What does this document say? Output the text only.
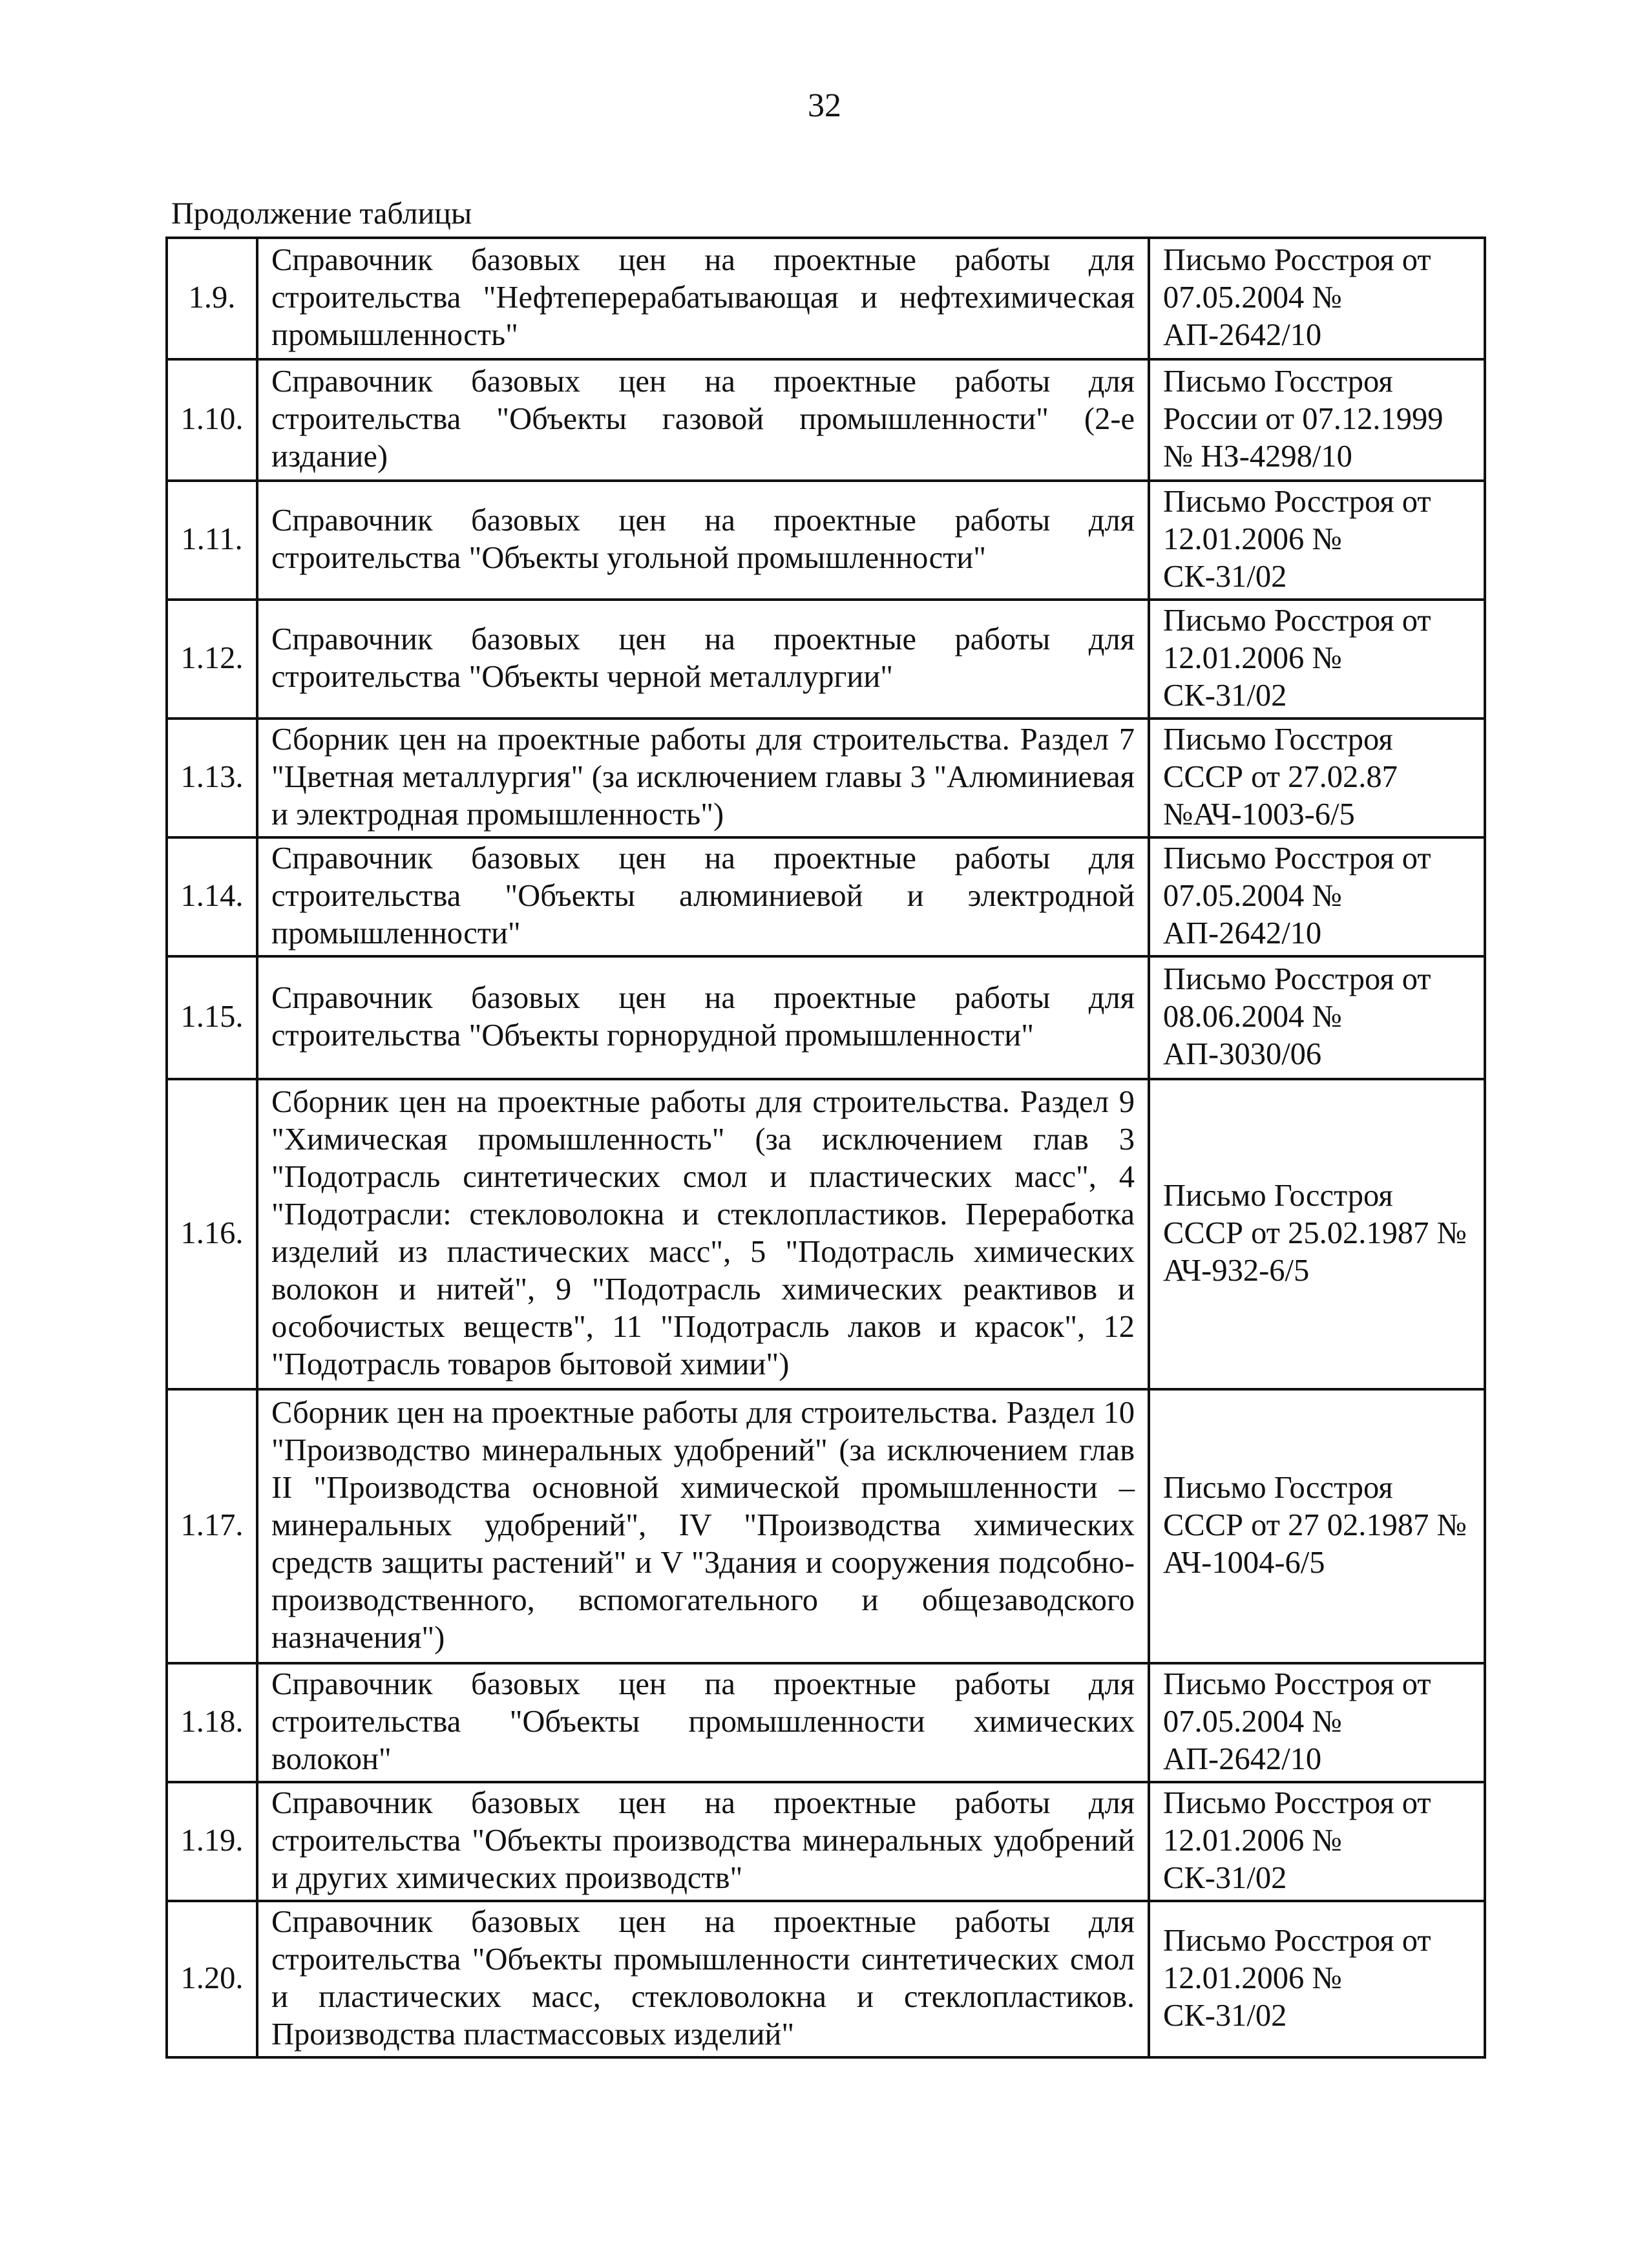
32
Продолжение таблицы
1.9.	Справочник базовых цен на проектные работы для строительства "Нефтеперерабатывающая и нефтехимическая промышленность"	Письмо Росстроя от 07.05.2004 № АП-2642/10
1.10.	Справочник базовых цен на проектные работы для строительства "Объекты газовой промышленности" (2-е издание)	Письмо Госстроя России от 07.12.1999 № НЗ-4298/10
1.11.	Справочник базовых цен на проектные работы для строительства "Объекты угольной промышленности"	Письмо Росстроя от 12.01.2006 № СК-31/02
1.12.	Справочник базовых цен на проектные работы для строительства "Объекты черной металлургии"	Письмо Росстроя от 12.01.2006 № СК-31/02
1.13.	Сборник цен на проектные работы для строительства. Раздел 7 "Цветная металлургия" (за исключением главы 3 "Алюминиевая и электродная промышленность")	Письмо Госстроя СССР от 27.02.87 №АЧ-1003-6/5
1.14.	Справочник базовых цен на проектные работы для строительства "Объекты алюминиевой и электродной промышленности"	Письмо Росстроя от 07.05.2004 № АП-2642/10
1.15.	Справочник базовых цен на проектные работы для строительства "Объекты горнорудной промышленности"	Письмо Росстроя от 08.06.2004 № АП-3030/06
1.16.	Сборник цен на проектные работы для строительства. Раздел 9 "Химическая промышленность" (за исключением глав 3 "Подотрасль синтетических смол и пластических масс", 4 "Подотрасли: стекловолокна и стеклопластиков. Переработка изделий из пластических масс", 5 "Подотрасль химических волокон и нитей", 9 "Подотрасль химических реактивов и особочистых веществ", 11 "Подотрасль лаков и красок", 12 "Подотрасль товаров бытовой химии")	Письмо Госстроя СССР от 25.02.1987 № АЧ-932-6/5
1.17.	Сборник цен на проектные работы для строительства. Раздел 10 "Производство минеральных удобрений" (за исключением глав II "Производства основной химической промышленности – минеральных удобрений", IV "Производства химических средств защиты растений" и V "Здания и сооружения подсобно-производственного, вспомогательного и общезаводского назначения")	Письмо Госстроя СССР от 27 02.1987 № АЧ-1004-6/5
1.18.	Справочник базовых цен па проектные работы для строительства "Объекты промышленности химических волокон"	Письмо Росстроя от 07.05.2004 № АП-2642/10
1.19.	Справочник базовых цен на проектные работы для строительства "Объекты производства минеральных удобрений и других химических производств"	Письмо Росстроя от 12.01.2006 № СК-31/02
1.20.	Справочник базовых цен на проектные работы для строительства "Объекты промышленности синтетических смол и пластических масс, стекловолокна и стеклопластиков. Производства пластмассовых изделий"	Письмо Росстроя от 12.01.2006 № СК-31/02
